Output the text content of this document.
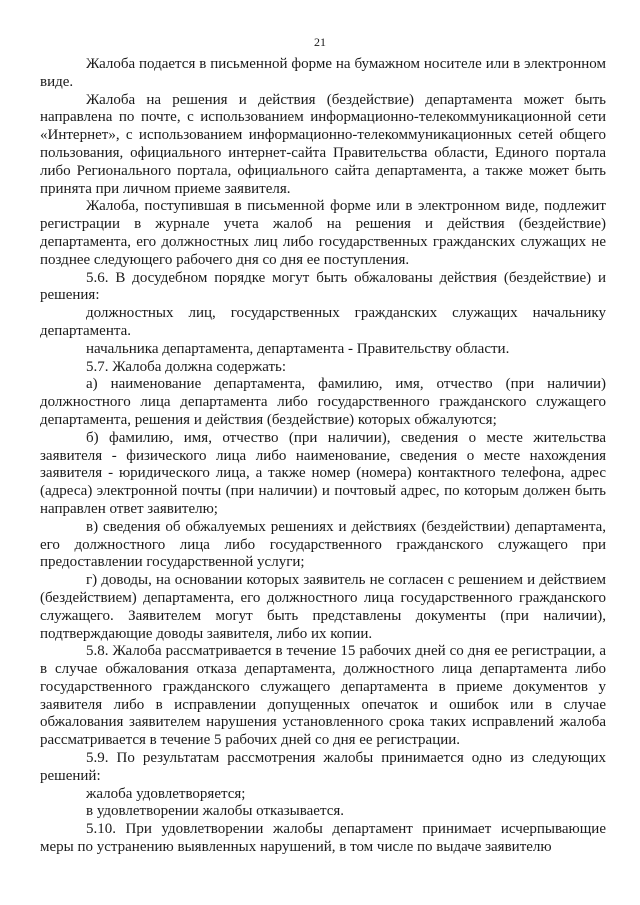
21

Жалоба подается в письменной форме на бумажном носителе или в электронном виде.

Жалоба на решения и действия (бездействие) департамента может быть направлена по почте, с использованием информационно-телекоммуникационной сети «Интернет», с использованием информационно-телекоммуникационных сетей общего пользования, официального интернет-сайта Правительства области, Единого портала либо Регионального портала, официального сайта департамента, а также может быть принята при личном приеме заявителя.

Жалоба, поступившая в письменной форме или в электронном виде, подлежит регистрации в журнале учета жалоб на решения и действия (бездействие) департамента, его должностных лиц либо государственных гражданских служащих не позднее следующего рабочего дня со дня ее поступления.

5.6. В досудебном порядке могут быть обжалованы действия (бездействие) и решения:

должностных лиц, государственных гражданских служащих начальнику департамента.

начальника департамента, департамента - Правительству области.

5.7. Жалоба должна содержать:

а) наименование департамента, фамилию, имя, отчество (при наличии) должностного лица департамента либо государственного гражданского служащего департамента, решения и действия (бездействие) которых обжалуются;

б) фамилию, имя, отчество (при наличии), сведения о месте жительства заявителя - физического лица либо наименование, сведения о месте нахождения заявителя - юридического лица, а также номер (номера) контактного телефона, адрес (адреса) электронной почты (при наличии) и почтовый адрес, по которым должен быть направлен ответ заявителю;

в) сведения об обжалуемых решениях и действиях (бездействии) департамента, его должностного лица либо государственного гражданского служащего при предоставлении государственной услуги;

г) доводы, на основании которых заявитель не согласен с решением и действием (бездействием) департамента, его должностного лица государственного гражданского служащего. Заявителем могут быть представлены документы (при наличии), подтверждающие доводы заявителя, либо их копии.

5.8. Жалоба рассматривается в течение 15 рабочих дней со дня ее регистрации, а в случае обжалования отказа департамента, должностного лица департамента либо государственного гражданского служащего департамента в приеме документов у заявителя либо в исправлении допущенных опечаток и ошибок или в случае обжалования заявителем нарушения установленного срока таких исправлений жалоба рассматривается в течение 5 рабочих дней со дня ее регистрации.

5.9. По результатам рассмотрения жалобы принимается одно из следующих решений:

жалоба удовлетворяется;

в удовлетворении жалобы отказывается.

5.10. При удовлетворении жалобы департамент принимает исчерпывающие меры по устранению выявленных нарушений, в том числе по выдаче заявителю
